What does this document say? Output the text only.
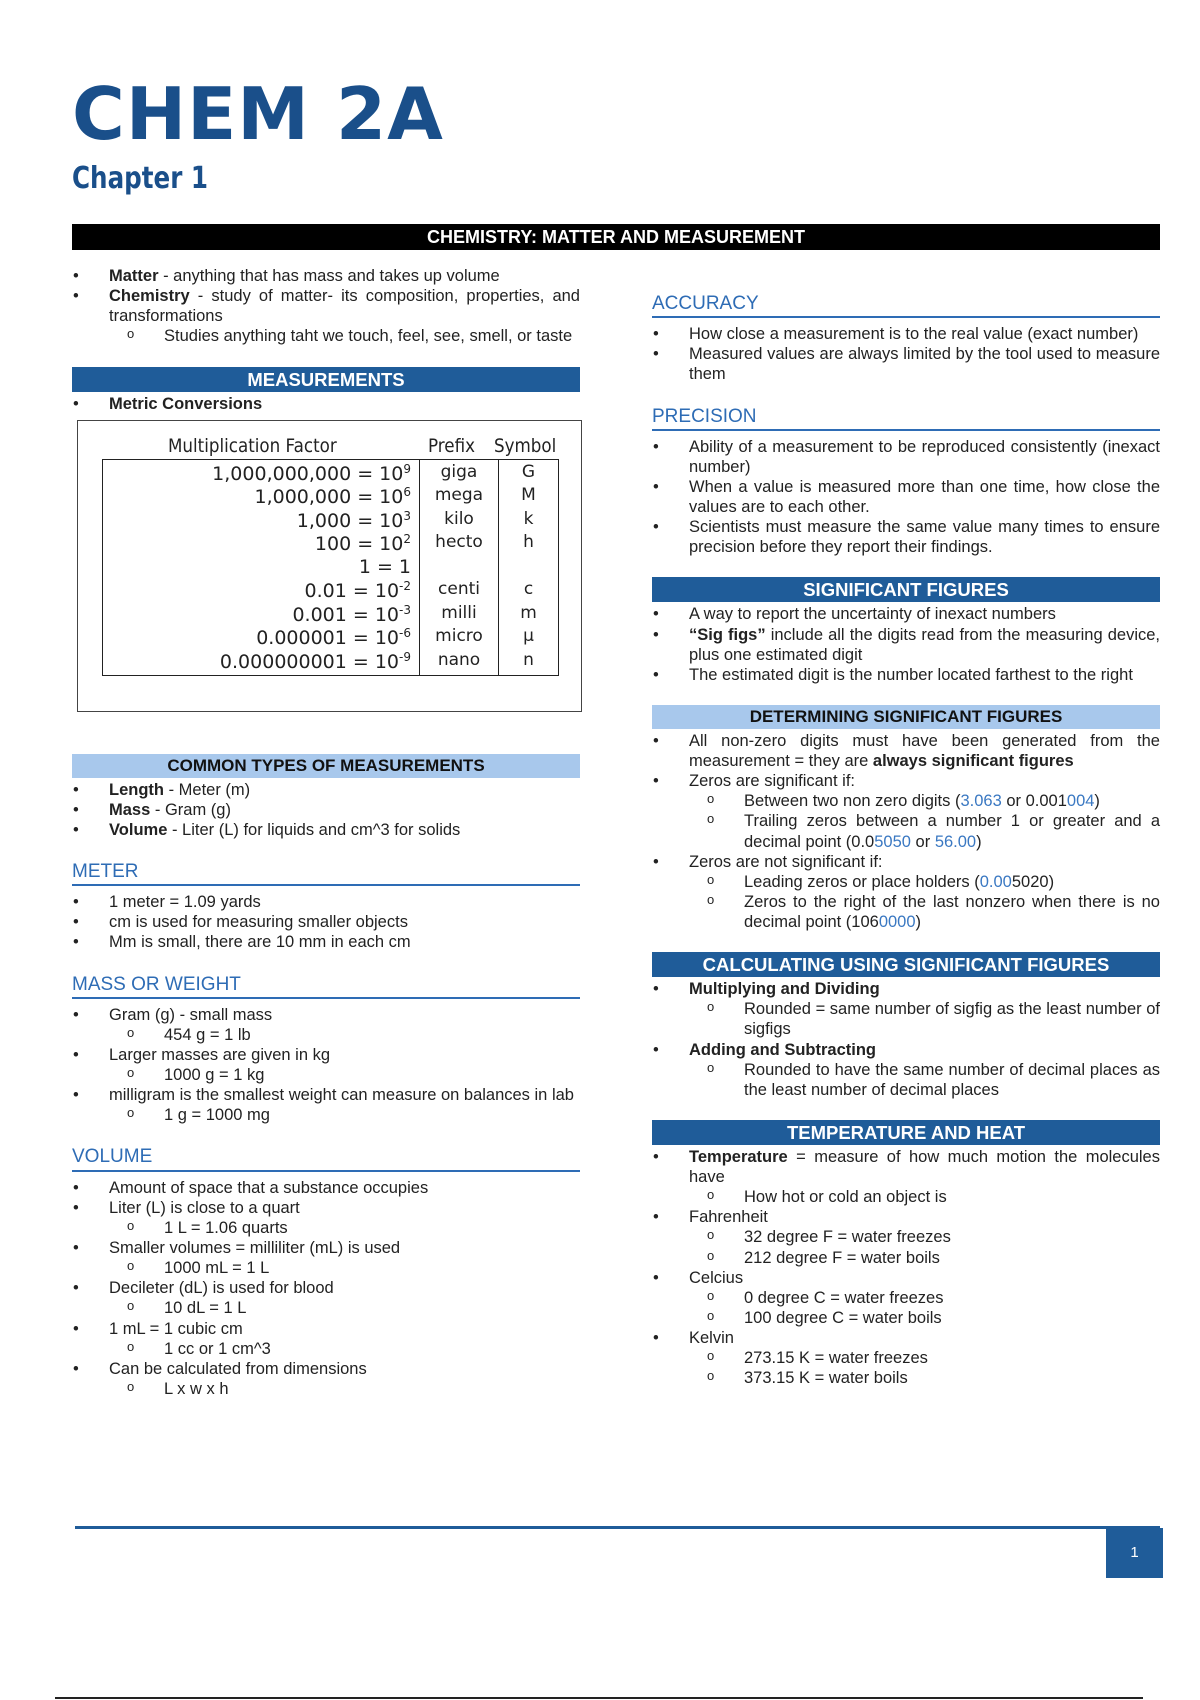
CHEM 2A
Chapter 1
CHEMISTRY: MATTER AND MEASUREMENT
• Matter - anything that has mass and takes up volume
• Chemistry - study of matter- its composition, properties, and transformations
o Studies anything taht we touch, feel, see, smell, or taste
MEASUREMENTS
• Metric Conversions
Multiplication Factor	Prefix Symbol
$1,000,000,000 = 10^9$	giga	G
$1,000,000 = 10^6$	mega	M
$1,000 = 10^3$	kilo	k
$100 = 10^2$	hecto	h
1 = 1
$0.01 = 10^{-2}$	centi	c
$0.001 = 10^{-3}$	milli	m
$0.000001 = 10^{-6}$	micro	µ
$0.000000001 = 10^{-9}$	nano	n
COMMON TYPES OF MEASUREMENTS
• Length - Meter (m)
• Mass - Gram (g)
• Volume - Liter (L) for liquids and cm^3 for solids
METER
• 1 meter = 1.09 yards
• cm is used for measuring smaller objects
• Mm is small, there are 10 mm in each cm
MASS OR WEIGHT
• Gram (g) - small mass
o 454 g = 1 lb
• Larger masses are given in kg
o 1000 g = 1 kg
• milligram is the smallest weight can measure on balances in lab
o 1 g = 1000 mg
VOLUME
• Amount of space that a substance occupies
• Liter (L) is close to a quart
o 1 L = 1.06 quarts
• Smaller volumes = milliliter (mL) is used
o 1000 mL = 1 L
• Decileter (dL) is used for blood
o 10 dL = 1 L
• 1 mL = 1 cubic cm
o 1 cc or 1 cm^3
• Can be calculated from dimensions
o L x w x h
ACCURACY
• How close a measurement is to the real value (exact number)
• Measured values are always limited by the tool used to measure them
PRECISION
• Ability of a measurement to be reproduced consistently (inexact number)
• When a value is measured more than one time, how close the values are to each other.
• Scientists must measure the same value many times to ensure precision before they report their findings.
SIGNIFICANT FIGURES
• A way to report the uncertainty of inexact numbers
• “Sig figs” include all the digits read from the measuring device, plus one estimated digit
• The estimated digit is the number located farthest to the right
DETERMINING SIGNIFICANT FIGURES
• All non-zero digits must have been generated from the measurement = they are always significant figures
• Zeros are significant if:
o Between two non zero digits (3.063 or 0.001004)
o Trailing zeros between a number 1 or greater and a decimal point (0.05050 or 56.00)
• Zeros are not significant if:
o Leading zeros or place holders (0.005020)
o Zeros to the right of the last nonzero when there is no decimal point (1060000)
CALCULATING USING SIGNIFICANT FIGURES
• Multiplying and Dividing
o Rounded = same number of sigfig as the least number of sigfigs
• Adding and Subtracting
o Rounded to have the same number of decimal places as the least number of decimal places
TEMPERATURE AND HEAT
• Temperature = measure of how much motion the molecules have
o How hot or cold an object is
• Fahrenheit
o 32 degree F = water freezes
o 212 degree F = water boils
• Celcius
o 0 degree C = water freezes
o 100 degree C = water boils
• Kelvin
o 273.15 K = water freezes
o 373.15 K = water boils
1
